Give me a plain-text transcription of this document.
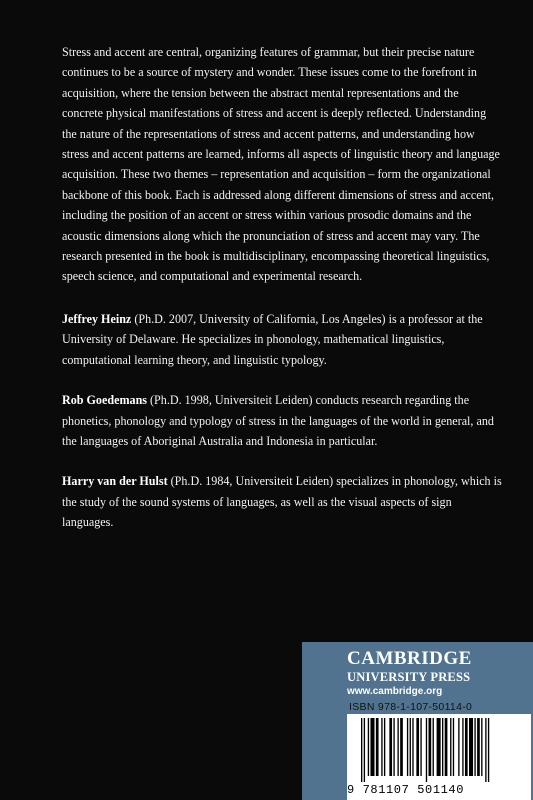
Stress and accent are central, organizing features of grammar, but their precise nature continues to be a source of mystery and wonder. These issues come to the forefront in acquisition, where the tension between the abstract mental representations and the concrete physical manifestations of stress and accent is deeply reflected. Understanding the nature of the representations of stress and accent patterns, and understanding how stress and accent patterns are learned, informs all aspects of linguistic theory and language acquisition. These two themes – representation and acquisition – form the organizational backbone of this book. Each is addressed along different dimensions of stress and accent, including the position of an accent or stress within various prosodic domains and the acoustic dimensions along which the pronunciation of stress and accent may vary. The research presented in the book is multidisciplinary, encompassing theoretical linguistics, speech science, and computational and experimental research.

Jeffrey Heinz (Ph.D. 2007, University of California, Los Angeles) is a professor at the University of Delaware. He specializes in phonology, mathematical linguistics, computational learning theory, and linguistic typology.

Rob Goedemans (Ph.D. 1998, Universiteit Leiden) conducts research regarding the phonetics, phonology and typology of stress in the languages of the world in general, and the languages of Aboriginal Australia and Indonesia in particular.

Harry van der Hulst (Ph.D. 1984, Universiteit Leiden) specializes in phonology, which is the study of the sound systems of languages, as well as the visual aspects of sign languages.

CAMBRIDGE
UNIVERSITY PRESS
www.cambridge.org
ISBN 978-1-107-50114-0
9 781107 501140
